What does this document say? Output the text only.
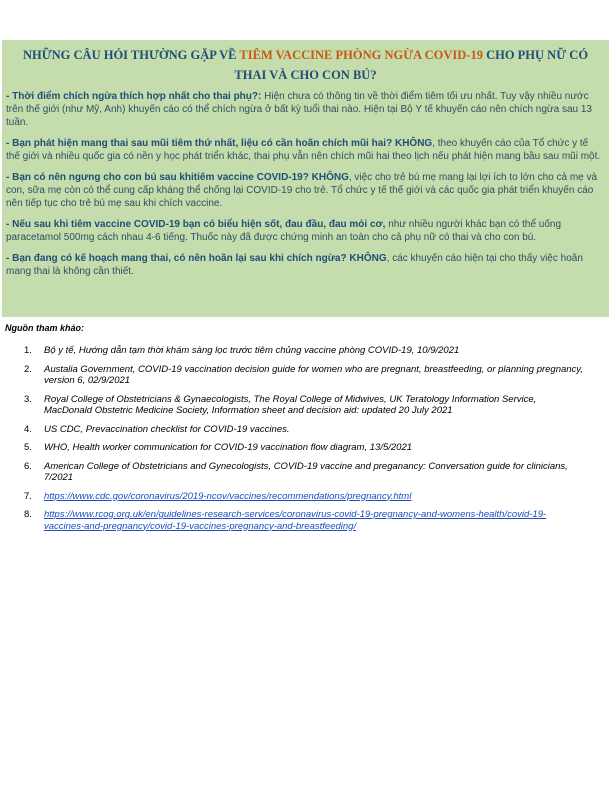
NHỮNG CÂU HỎI THƯỜNG GẶP VỀ TIÊM VACCINE PHÒNG NGỪA COVID-19 CHO PHỤ NỮ CÓ THAI VÀ CHO CON BÚ?

- Thời điểm chích ngừa thích hợp nhất cho thai phụ?: Hiện chưa có thông tin về thời điểm tiêm tối ưu nhất. Tuy vậy nhiều nước trên thế giới (như Mỹ, Anh) khuyến cáo có thể chích ngừa ở bất kỳ tuổi thai nào. Hiện tại Bộ Y tế khuyến cáo nên chích ngừa sau 13 tuần.

- Bạn phát hiện mang thai sau mũi tiêm thứ nhất, liệu có cần hoãn chích mũi hai? KHÔNG, theo khuyến cáo của Tổ chức y tế thế giới và nhiều quốc gia có nền y học phát triển khác, thai phụ vẫn nên chích mũi hai theo lịch nếu phát hiện mang bầu sau mũi một.

- Bạn có nên ngưng cho con bú sau khitiêm vaccine COVID-19? KHÔNG, việc cho trẻ bú mẹ mang lại lợi ích to lớn cho cả mẹ và con, sữa mẹ còn có thể cung cấp kháng thể chống lại COVID-19 cho trẻ. Tổ chức y tế thế giới và các quốc gia phát triển khuyến cáo nên tiếp tục cho trẻ bú mẹ sau khi chích vaccine.

- Nếu sau khi tiêm vaccine COVID-19 bạn có biểu hiện sốt, đau đầu, đau mỏi cơ, như nhiều người khác bạn có thể uống paracetamol 500mg cách nhau 4-6 tiếng. Thuốc này đã được chứng minh an toàn cho cả phụ nữ có thai và cho con bú.

- Bạn đang có kế hoạch mang thai, có nên hoãn lại sau khi chích ngừa? KHÔNG, các khuyến cáo hiện tại cho thấy việc hoãn mang thai là không cần thiết.

Nguồn tham khảo:
1. Bộ y tế, Hướng dẫn tạm thời khám sàng lọc trước tiêm chủng vaccine phòng COVID-19, 10/9/2021
2. Austalia Government, COVID-19 vaccination decision guide for women who are pregnant, breastfeeding, or planning pregnancy, version 6, 02/9/2021
3. Royal College of Obstetricians & Gynaecologists, The Royal College of Midwives, UK Teratology Information Service, MacDonald Obstetric Medicine Society, Information sheet and decision aid: updated 20 July 2021
4. US CDC, Prevaccination checklist for COVID-19 vaccines.
5. WHO, Health worker communication for COVID-19 vaccination flow diagram, 13/5/2021
6. American College of Obstetricians and Gynecologists, COVID-19 vaccine and preganancy: Conversation guide for clinicians, 7/2021
7. https://www.cdc.gov/coronavirus/2019-ncov/vaccines/recommendations/pregnancy.html
8. https://www.rcog.org.uk/en/guidelines-research-services/coronavirus-covid-19-pregnancy-and-womens-health/covid-19-vaccines-and-pregnancy/covid-19-vaccines-pregnancy-and-breastfeeding/
